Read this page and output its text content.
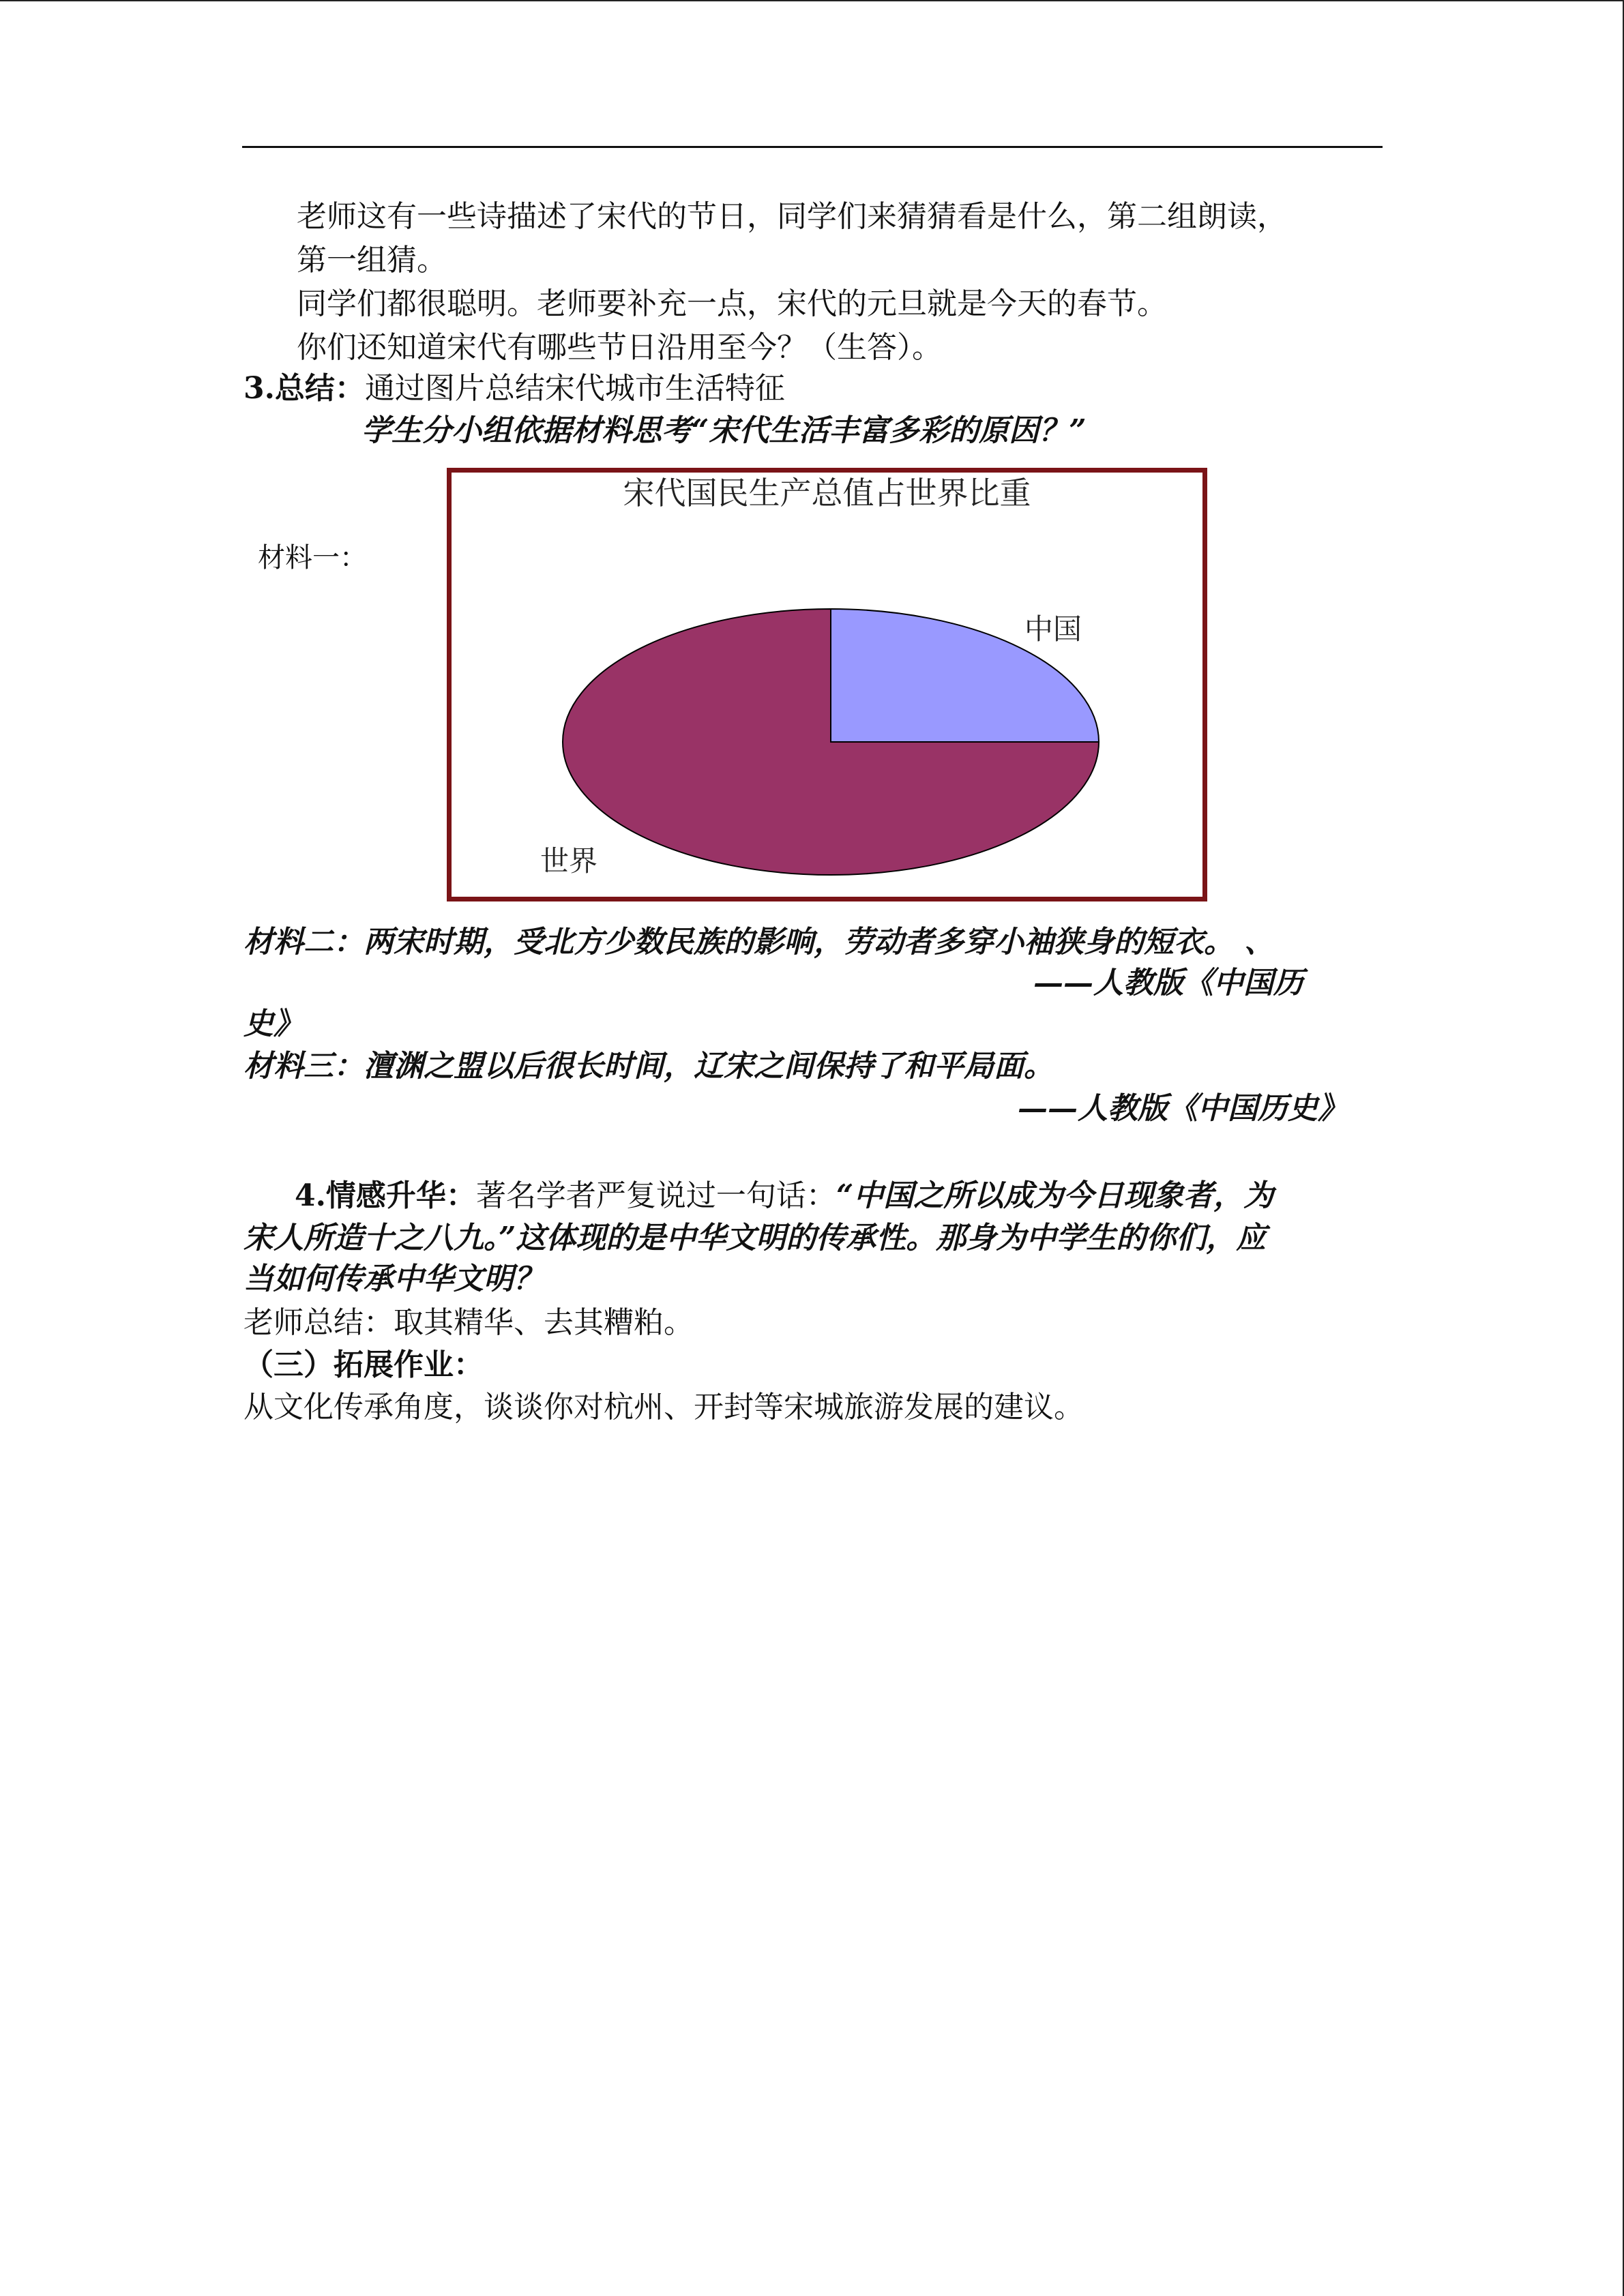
老师这有一些诗描述了宋代的节日，同学们来猜猜看是什么，第二组朗读，
第一组猜。
同学们都很聪明。老师要补充一点，宋代的元旦就是今天的春节。
你们还知道宋代有哪些节日沿用至今？（生答）。
3.总结：通过图片总结宋代城市生活特征
学生分小组依据材料思考“宋代生活丰富多彩的原因？”
材料一：
宋代国民生产总值占世界比重
中国
世界
材料二：两宋时期，受北方少数民族的影响，劳动者多穿小袖狭身的短衣。 、
——人教版《中国历
史》
材料三：澶渊之盟以后很长时间，辽宋之间保持了和平局面。
——人教版《中国历史》
4.情感升华：著名学者严复说过一句话：“中国之所以成为今日现象者，为
宋人所造十之八九。”这体现的是中华文明的传承性。那身为中学生的你们，应
当如何传承中华文明？
老师总结：取其精华、去其糟粕。
（三）拓展作业：
从文化传承角度，谈谈你对杭州、开封等宋城旅游发展的建议。
